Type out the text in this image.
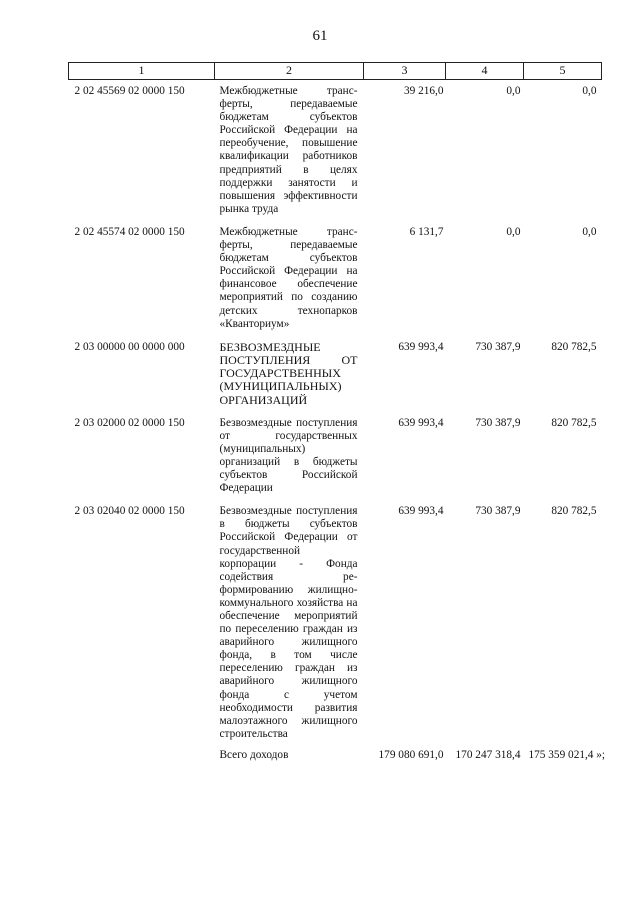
61
1	2	3	4	5
2 02 45569 02 0000 150	Межбюджетные трансферты, передаваемые бюджетам субъектов Российской Федерации на переобучение, повышение квалификации работников предприятий в целях поддержки занятости и повышения эффективности рынка труда	39 216,0	0,0	0,0
2 02 45574 02 0000 150	Межбюджетные трансферты, передаваемые бюджетам субъектов Российской Федерации на финансовое обеспечение мероприятий по созданию детских технопарков «Кванториум»	6 131,7	0,0	0,0
2 03 00000 00 0000 000	БЕЗВОЗМЕЗДНЫЕ ПОСТУПЛЕНИЯ ОТ ГОСУДАРСТВЕННЫХ (МУНИЦИПАЛЬНЫХ) ОРГАНИЗАЦИЙ	639 993,4	730 387,9	820 782,5
2 03 02000 02 0000 150	Безвозмездные поступления от государственных (муниципальных) организаций в бюджеты субъектов Российской Федерации	639 993,4	730 387,9	820 782,5
2 03 02040 02 0000 150	Безвозмездные поступления в бюджеты субъектов Российской Федерации от государственной корпорации - Фонда содействия реформированию жилищно-коммунального хозяйства на обеспечение мероприятий по переселению граждан из аварийного жилищного фонда, в том числе переселению граждан из аварийного жилищного фонда с учетом необходимости развития малоэтажного жилищного строительства	639 993,4	730 387,9	820 782,5
	Всего доходов	179 080 691,0	170 247 318,4	175 359 021,4 »;
